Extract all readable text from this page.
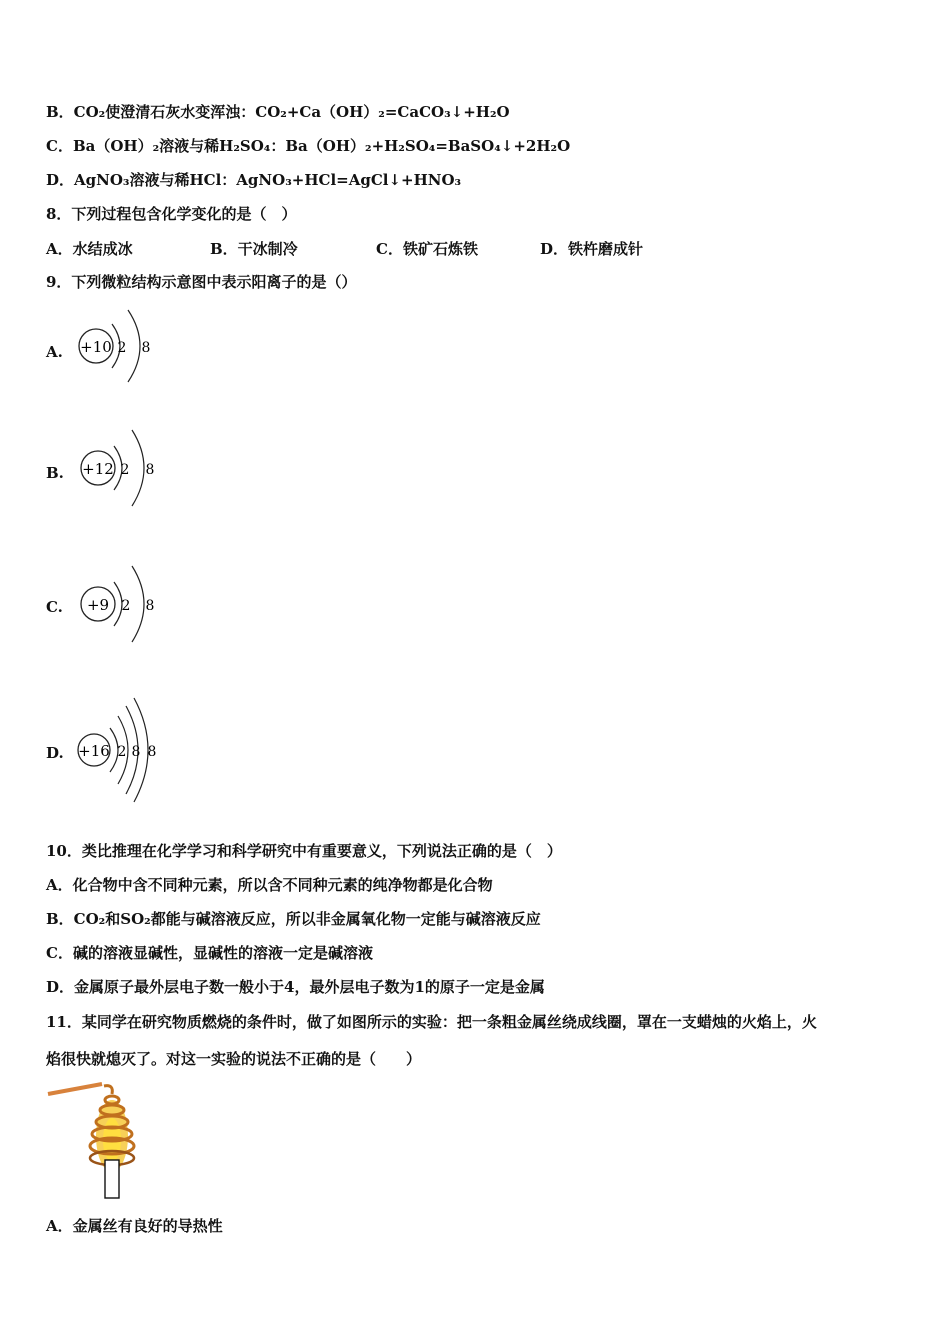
B．CO₂使澄清石灰水变浑浊：CO₂+Ca（OH）₂=CaCO₃↓+H₂O
C．Ba（OH）₂溶液与稀H₂SO₄：Ba（OH）₂+H₂SO₄=BaSO₄↓+2H₂O
D．AgNO₃溶液与稀HCl：AgNO₃+HCl=AgCl↓+HNO₃
8．下列过程包含化学变化的是（　）
A．水结成冰	B．干冰制冷	C．铁矿石炼铁	D．铁杵磨成针
9．下列微粒结构示意图中表示阳离子的是（）
A. +10 2 8
B. +12 2 8
C. +9 2 8
D. +16 2 8 8
10．类比推理在化学学习和科学研究中有重要意义，下列说法正确的是（　）
A．化合物中含不同种元素，所以含不同种元素的纯净物都是化合物
B．CO₂和SO₂都能与碱溶液反应，所以非金属氧化物一定能与碱溶液反应
C．碱的溶液显碱性，显碱性的溶液一定是碱溶液
D．金属原子最外层电子数一般小于4，最外层电子数为1的原子一定是金属
11．某同学在研究物质燃烧的条件时，做了如图所示的实验：把一条粗金属丝绕成线圈，罩在一支蜡烛的火焰上，火
焰很快就熄灭了。对这一实验的说法不正确的是（　　）
A．金属丝有良好的导热性
